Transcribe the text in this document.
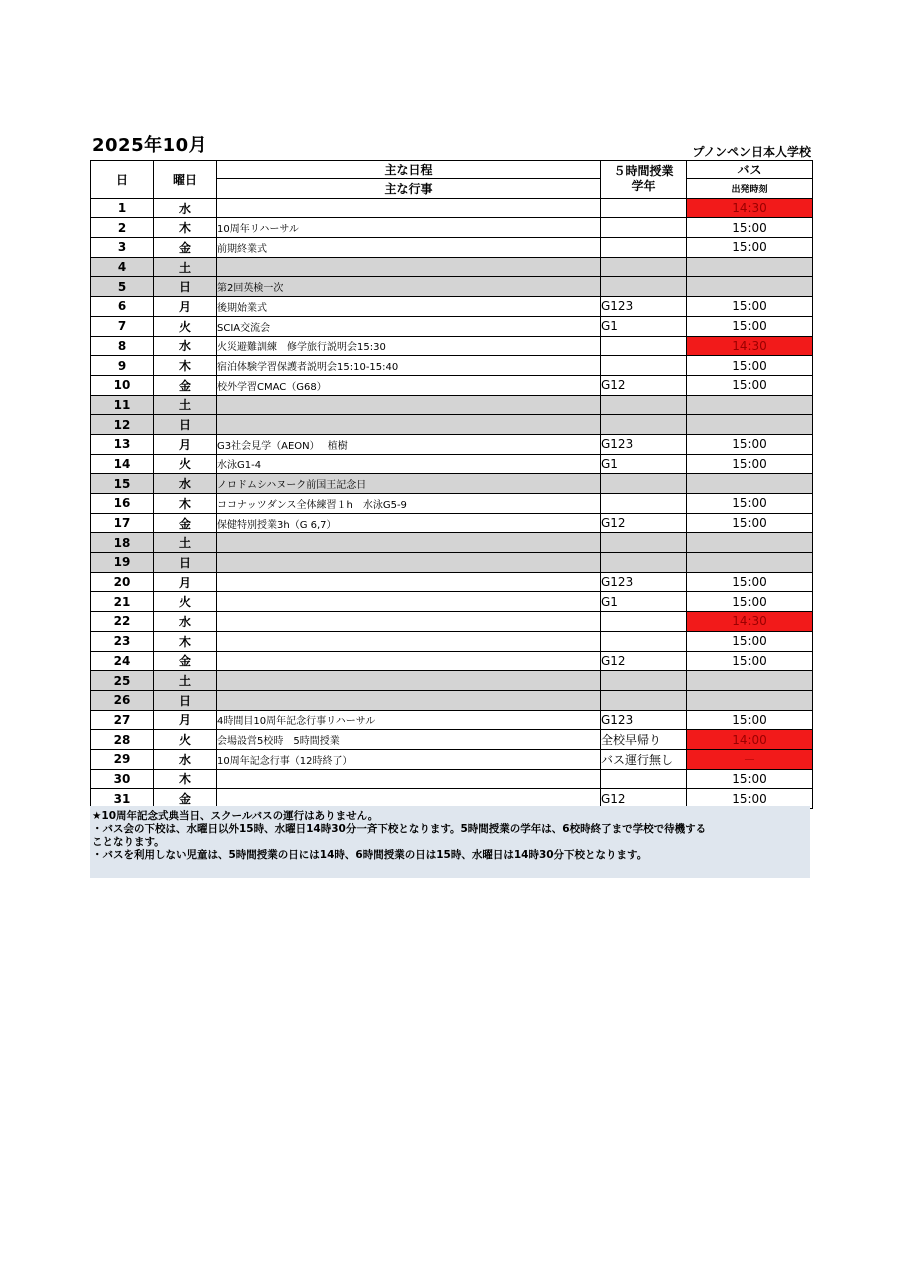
2025年10月	プノンペン日本人学校
日	曜日	主な日程	５時間授業
学年	バス
		主な行事		出発時刻
1	水			14:30
2	木	10周年リハーサル		15:00
3	金	前期終業式		15:00
4	土			
5	日	第2回英検一次		
6	月	後期始業式	G123	15:00
7	火	SCIA交流会	G1	15:00
8	水	火災避難訓練　修学旅行説明会15:30		14:30
9	木	宿泊体験学習保護者説明会15:10-15:40		15:00
10	金	校外学習CMAC（G68）	G12	15:00
11	土			
12	日			
13	月	G3社会見学（AEON）　 植樹	G123	15:00
14	火	水泳G1-4	G1	15:00
15	水	ノロドムシハヌーク前国王記念日		
16	木	ココナッツダンス全体練習１h　水泳G5-9		15:00
17	金	保健特別授業3h（G 6,7）	G12	15:00
18	土			
19	日			
20	月		G123	15:00
21	火		G1	15:00
22	水			14:30
23	木			15:00
24	金		G12	15:00
25	土			
26	日			
27	月	4時間目10周年記念行事リハーサル	G123	15:00
28	火	会場設営5校時　5時間授業	全校早帰り	14:00
29	水	10周年記念行事（12時終了）	バス運行無し	－
30	木			15:00
31	金		G12	15:00
★10周年記念式典当日、スクールバスの運行はありません。
・バス会の下校は、水曜日以外15時、水曜日14時30分一斉下校となります。5時間授業の学年は、6校時終了まで学校で待機する
ことなります。
・バスを利用しない児童は、5時間授業の日には14時、6時間授業の日は15時、水曜日は14時30分下校となります。
